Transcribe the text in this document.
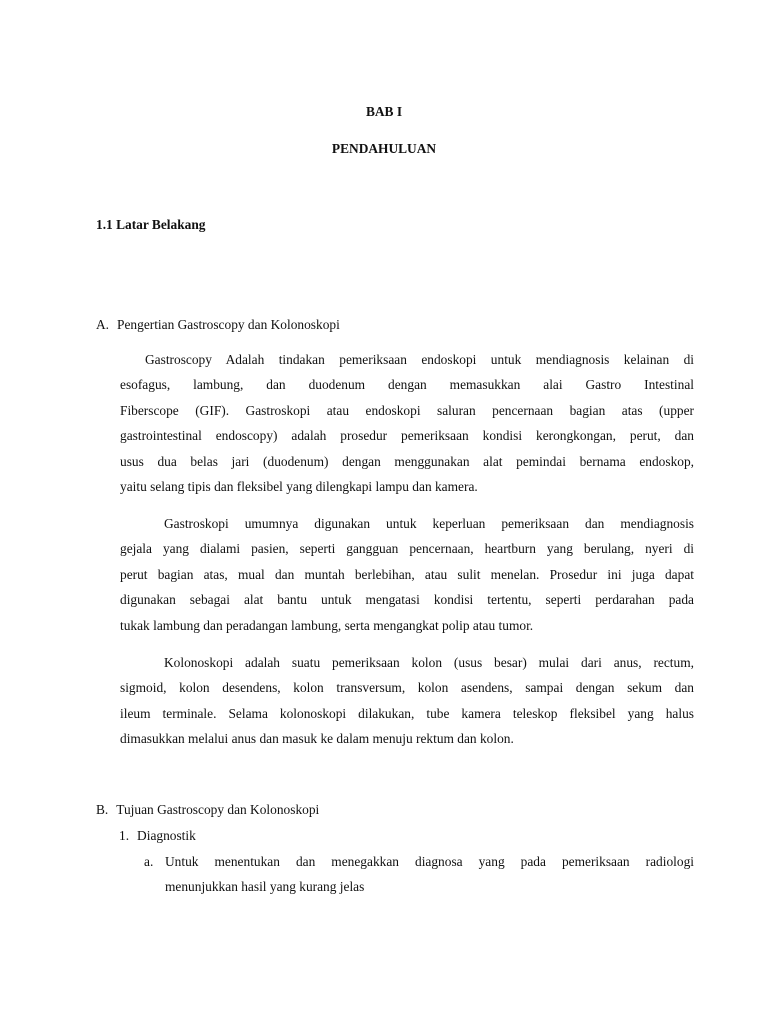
BAB I
PENDAHULUAN
1.1 Latar Belakang
A. Pengertian Gastroscopy dan Kolonoskopi
Gastroscopy Adalah tindakan pemeriksaan endoskopi untuk mendiagnosis kelainan di
esofagus, lambung, dan duodenum dengan memasukkan alai Gastro Intestinal
Fiberscope (GIF). Gastroskopi atau endoskopi saluran pencernaan bagian atas (upper
gastrointestinal endoscopy) adalah prosedur pemeriksaan kondisi kerongkongan, perut, dan
usus dua belas jari (duodenum) dengan menggunakan alat pemindai bernama endoskop,
yaitu selang tipis dan fleksibel yang dilengkapi lampu dan kamera.
Gastroskopi umumnya digunakan untuk keperluan pemeriksaan dan mendiagnosis
gejala yang dialami pasien, seperti gangguan pencernaan, heartburn yang berulang, nyeri di
perut bagian atas, mual dan muntah berlebihan, atau sulit menelan. Prosedur ini juga dapat
digunakan sebagai alat bantu untuk mengatasi kondisi tertentu, seperti perdarahan pada
tukak lambung dan peradangan lambung, serta mengangkat polip atau tumor.
Kolonoskopi adalah suatu pemeriksaan kolon (usus besar) mulai dari anus, rectum,
sigmoid, kolon desendens, kolon transversum, kolon asendens, sampai dengan sekum dan
ileum terminale. Selama kolonoskopi dilakukan, tube kamera teleskop fleksibel yang halus
dimasukkan melalui anus dan masuk ke dalam menuju rektum dan kolon.
B. Tujuan Gastroscopy dan Kolonoskopi
1. Diagnostik
a. Untuk menentukan dan menegakkan diagnosa yang pada pemeriksaan radiologi
menunjukkan hasil yang kurang jelas
